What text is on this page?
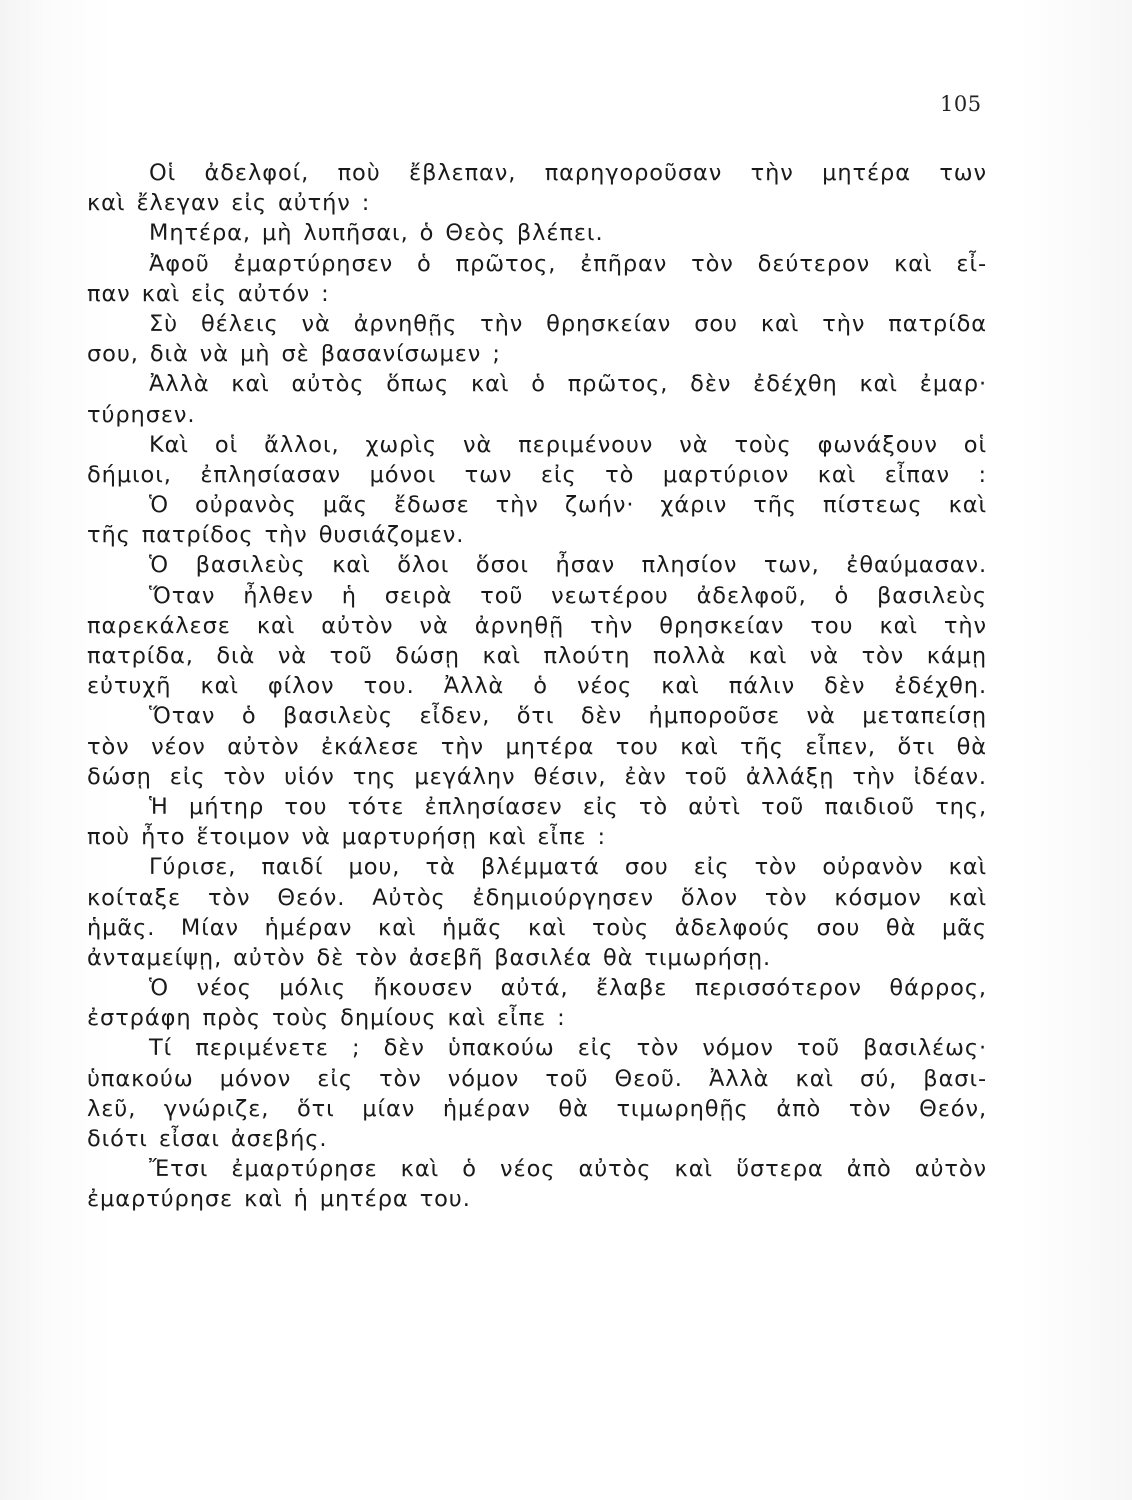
105
Οἱ ἀδελφοί, ποὺ ἔβλεπαν, παρηγοροῦσαν τὴν μητέρα των
καὶ ἔλεγαν εἰς αὐτήν :
Μητέρα, μὴ λυπῆσαι, ὁ Θεὸς βλέπει.
Ἀφοῦ ἐμαρτύρησεν ὁ πρῶτος, ἐπῆραν τὸν δεύτερον καὶ εἶ-
παν καὶ εἰς αὐτόν :
Σὺ θέλεις νὰ ἀρνηθῇς τὴν θρησκείαν σου καὶ τὴν πατρίδα
σου, διὰ νὰ μὴ σὲ βασανίσωμεν ;
Ἀλλὰ καὶ αὐτὸς ὅπως καὶ ὁ πρῶτος, δὲν ἐδέχθη καὶ ἐμαρ·
τύρησεν.
Καὶ οἱ ἄλλοι, χωρὶς νὰ περιμένουν νὰ τοὺς φωνάξουν οἱ
δήμιοι, ἐπλησίασαν μόνοι των εἰς τὸ μαρτύριον καὶ εἶπαν :
Ὁ οὐρανὸς μᾶς ἔδωσε τὴν ζωήν· χάριν τῆς πίστεως καὶ
τῆς πατρίδος τὴν θυσιάζομεν.
Ὁ βασιλεὺς καὶ ὅλοι ὅσοι ἦσαν πλησίον των, ἐθαύμασαν.
Ὅταν ἦλθεν ἡ σειρὰ τοῦ νεωτέρου ἀδελφοῦ, ὁ βασιλεὺς
παρεκάλεσε καὶ αὐτὸν νὰ ἀρνηθῇ τὴν θρησκείαν του καὶ τὴν
πατρίδα, διὰ νὰ τοῦ δώσῃ καὶ πλούτη πολλὰ καὶ νὰ τὸν κάμῃ
εὐτυχῆ καὶ φίλον του. Ἀλλὰ ὁ νέος καὶ πάλιν δὲν ἐδέχθη.
Ὅταν ὁ βασιλεὺς εἶδεν, ὅτι δὲν ἠμποροῦσε νὰ μεταπείσῃ
τὸν νέον αὐτὸν ἐκάλεσε τὴν μητέρα του καὶ τῆς εἶπεν, ὅτι θὰ
δώσῃ εἰς τὸν υἱόν της μεγάλην θέσιν, ἐὰν τοῦ ἀλλάξῃ τὴν ἰδέαν.
Ἡ μήτηρ του τότε ἐπλησίασεν εἰς τὸ αὐτὶ τοῦ παιδιοῦ της,
ποὺ ἦτο ἕτοιμον νὰ μαρτυρήσῃ καὶ εἶπε :
Γύρισε, παιδί μου, τὰ βλέμματά σου εἰς τὸν οὐρανὸν καὶ
κοίταξε τὸν Θεόν. Αὐτὸς ἐδημιούργησεν ὅλον τὸν κόσμον καὶ
ἡμᾶς. Μίαν ἡμέραν καὶ ἡμᾶς καὶ τοὺς ἀδελφούς σου θὰ μᾶς
ἀνταμείψῃ, αὐτὸν δὲ τὸν ἀσεβῆ βασιλέα θὰ τιμωρήσῃ.
Ὁ νέος μόλις ἤκουσεν αὐτά, ἔλαβε περισσότερον θάρρος,
ἐστράφη πρὸς τοὺς δημίους καὶ εἶπε :
Τί περιμένετε ; δὲν ὑπακούω εἰς τὸν νόμον τοῦ βασιλέως·
ὑπακούω μόνον εἰς τὸν νόμον τοῦ Θεοῦ. Ἀλλὰ καὶ σύ, βασι-
λεῦ, γνώριζε, ὅτι μίαν ἡμέραν θὰ τιμωρηθῇς ἀπὸ τὸν Θεόν,
διότι εἶσαι ἀσεβής.
Ἔτσι ἐμαρτύρησε καὶ ὁ νέος αὐτὸς καὶ ὕστερα ἀπὸ αὐτὸν
ἐμαρτύρησε καὶ ἡ μητέρα του.
